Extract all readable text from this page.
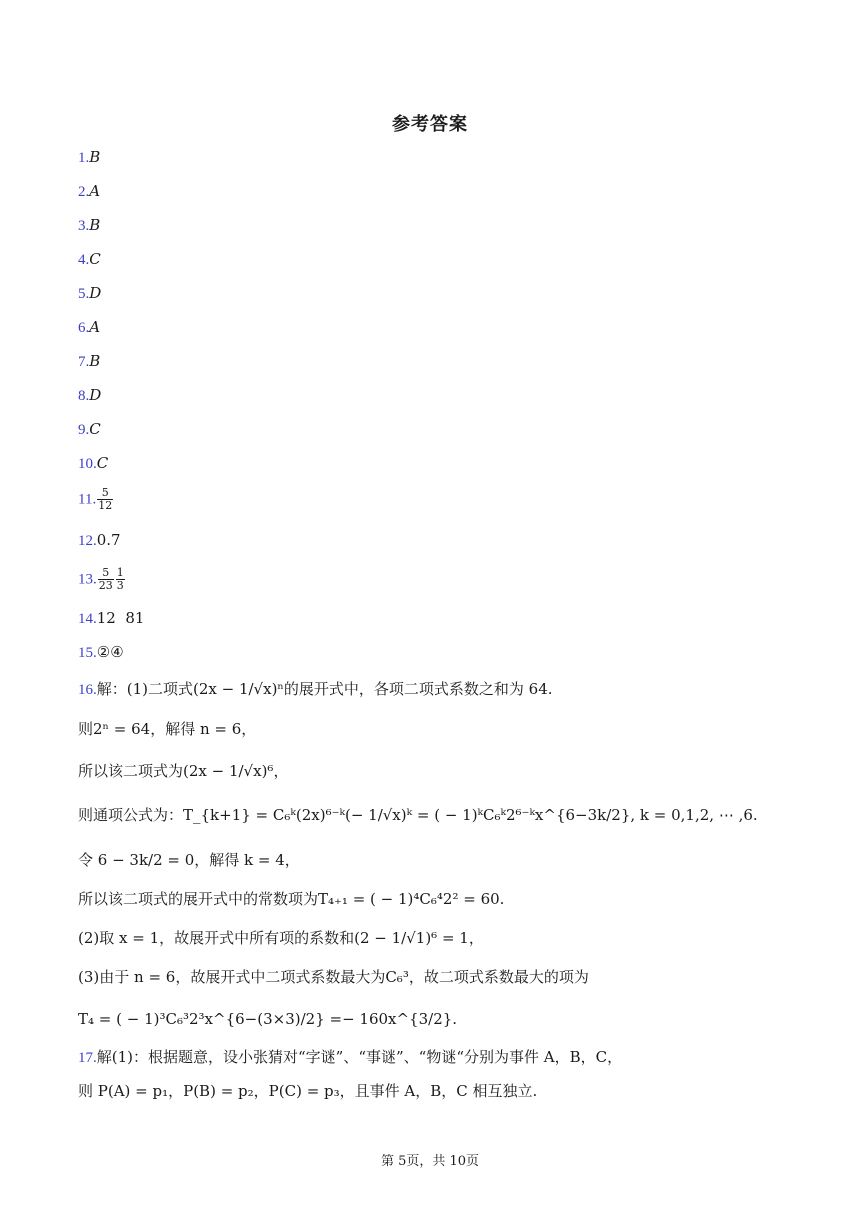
参考答案
1.B
2.A
3.B
4.C
5.D
6.A
7.B
8.D
9.C
10.C
11. $\frac{5}{12}$
12.0.7
13. $\frac{5}{23} \frac{1}{3}$
14.12  81
15.②④
16.解：(1)二项式(2x − 1/√x)ⁿ的展开式中，各项二项式系数之和为 64.
则2ⁿ = 64，解得 n = 6，
所以该二项式为(2x − 1/√x)⁶，
则通项公式为：T_{k+1} = C₆ᵏ(2x)⁶⁻ᵏ(− 1/√x)ᵏ = ( − 1)ᵏC₆ᵏ2⁶⁻ᵏx^{6−3k/2}, k = 0,1,2, ⋯ ,6.
令 6 − 3k/2 = 0，解得 k = 4，
所以该二项式的展开式中的常数项为T₄₊₁ = ( − 1)⁴C₆⁴2² = 60.
(2)取 x = 1，故展开式中所有项的系数和(2 − 1/√1)⁶ = 1，
(3)由于 n = 6，故展开式中二项式系数最大为C₆³，故二项式系数最大的项为
T₄ = ( − 1)³C₆³2³x^{6−(3×3)/2} =− 160x^{3/2}.
17.解(1)：根据题意，设小张猜对“字谜”、“事谜”、“物谜“分别为事件 A，B，C，
则 P(A) = p₁，P(B) = p₂，P(C) = p₃，且事件 A，B，C 相互独立.
第 5页，共 10页
